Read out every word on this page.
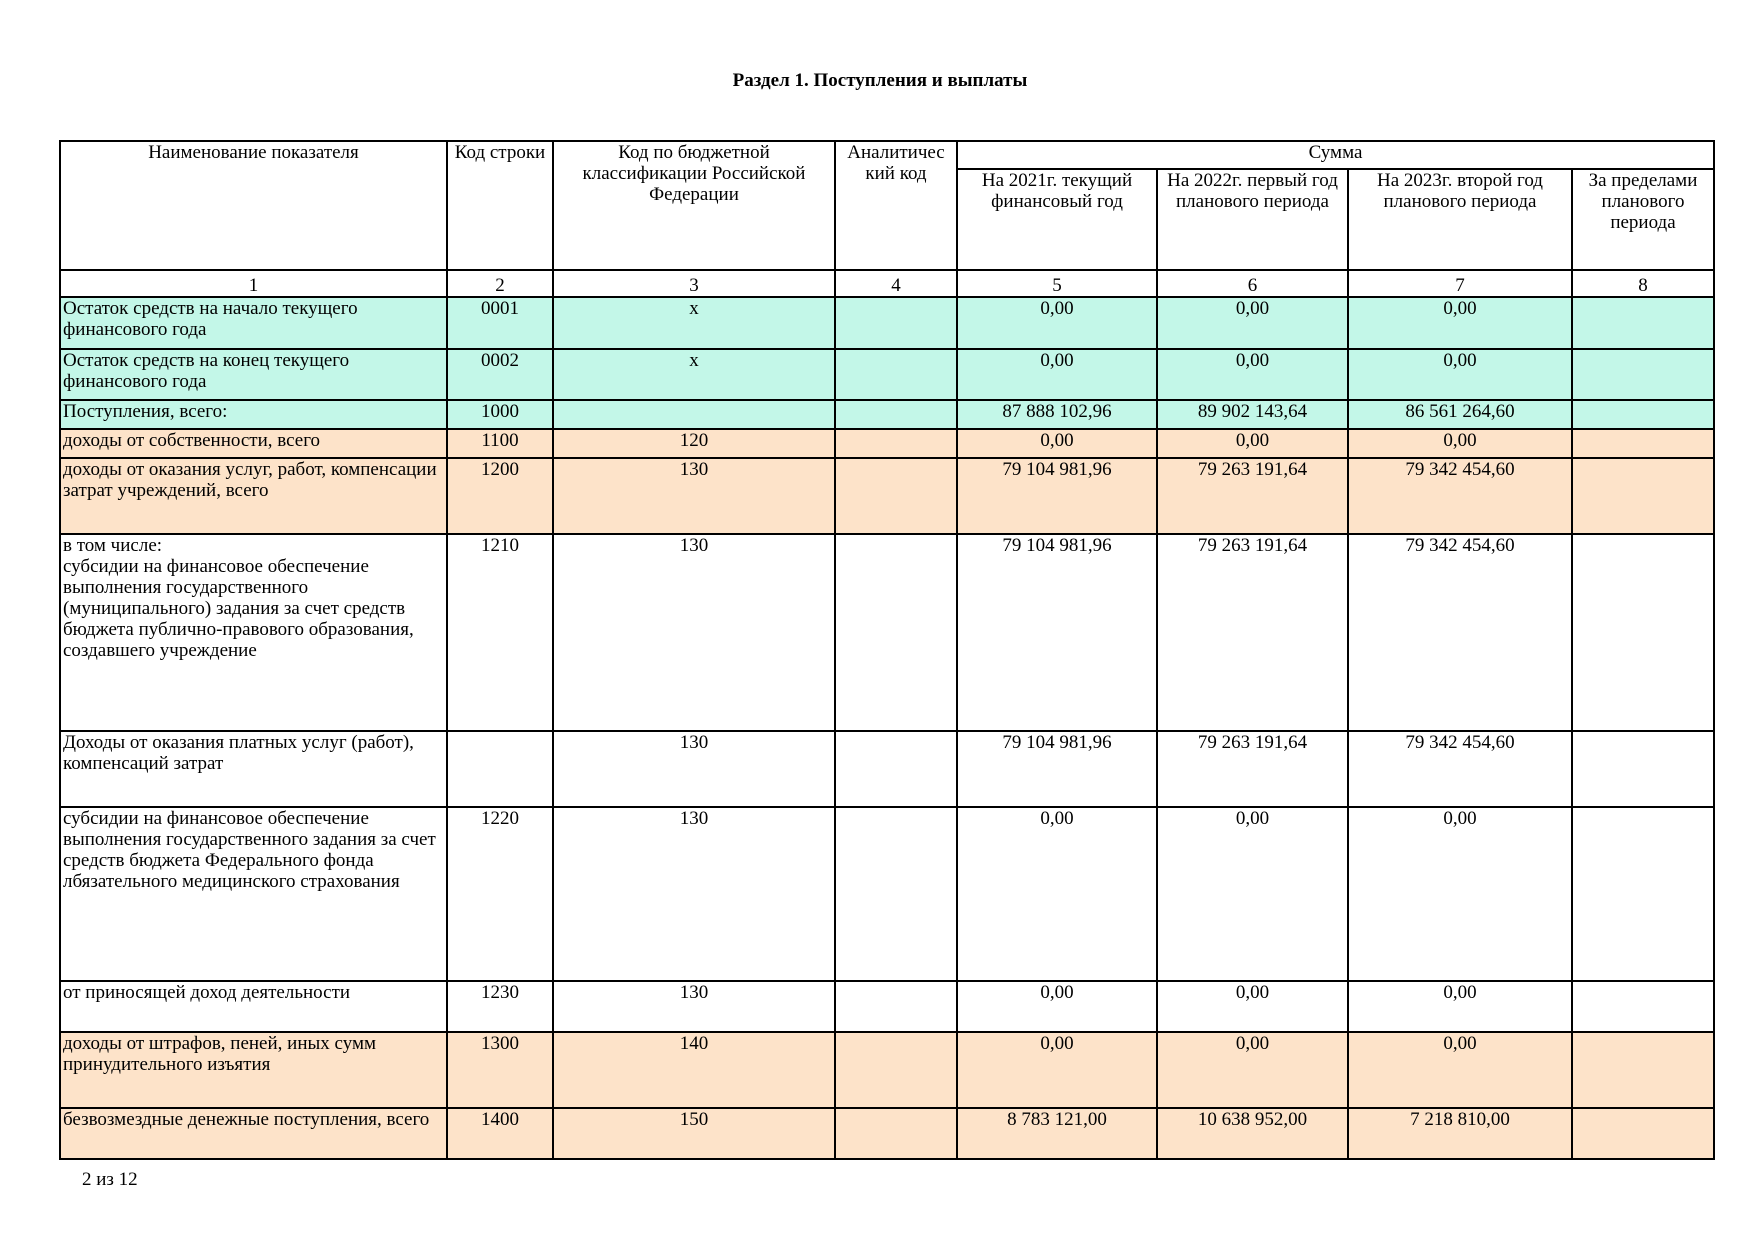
Раздел 1. Поступления и выплаты
Наименование показателя	Код строки	Код по бюджетной классификации Российской Федерации	Аналитичес кий код	Сумма			
				На 2021г. текущий финансовый год	На 2022г. первый год планового периода	На 2023г. второй год планового периода	За пределами планового периода
1	2	3	4	5	6	7	8
Остаток средств на начало текущего финансового года	0001	x		0,00	0,00	0,00	
Остаток средств на конец текущего финансового года	0002	x		0,00	0,00	0,00	
Поступления, всего:	1000			87 888 102,96	89 902 143,64	86 561 264,60	
доходы от собственности, всего	1100	120		0,00	0,00	0,00	
доходы от оказания услуг, работ, компенсации затрат учреждений, всего	1200	130		79 104 981,96	79 263 191,64	79 342 454,60	
в том числе:
субсидии на финансовое обеспечение выполнения государственного (муниципального) задания за счет средств бюджета публично-правового образования, создавшего учреждение	1210	130		79 104 981,96	79 263 191,64	79 342 454,60	
Доходы от оказания платных услуг (работ), компенсаций затрат		130		79 104 981,96	79 263 191,64	79 342 454,60	
субсидии на финансовое обеспечение выполнения государственного задания за счет средств бюджета Федерального фонда лбязательного медицинского страхования	1220	130		0,00	0,00	0,00	
от приносящей доход деятельности	1230	130		0,00	0,00	0,00	
доходы от штрафов, пеней, иных сумм принудительного изъятия	1300	140		0,00	0,00	0,00	
безвозмездные денежные поступления, всего	1400	150		8 783 121,00	10 638 952,00	7 218 810,00	
2 из 12
